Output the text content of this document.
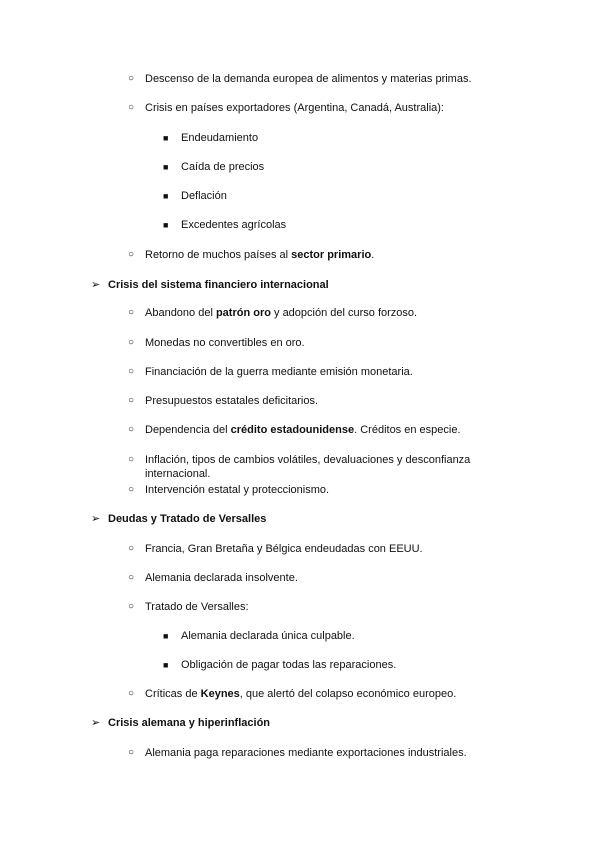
○ Descenso de la demanda europea de alimentos y materias primas.
○ Crisis en países exportadores (Argentina, Canadá, Australia):
■ Endeudamiento
■ Caída de precios
■ Deflación
■ Excedentes agrícolas
○ Retorno de muchos países al sector primario.
➢ Crisis del sistema financiero internacional
○ Abandono del patrón oro y adopción del curso forzoso.
○ Monedas no convertibles en oro.
○ Financiación de la guerra mediante emisión monetaria.
○ Presupuestos estatales deficitarios.
○ Dependencia del crédito estadounidense. Créditos en especie.
○ Inflación, tipos de cambios volátiles, devaluaciones y desconfianza internacional.
○ Intervención estatal y proteccionismo.
➢ Deudas y Tratado de Versalles
○ Francia, Gran Bretaña y Bélgica endeudadas con EEUU.
○ Alemania declarada insolvente.
○ Tratado de Versalles:
■ Alemania declarada única culpable.
■ Obligación de pagar todas las reparaciones.
○ Críticas de Keynes, que alertó del colapso económico europeo.
➢ Crisis alemana y hiperinflación
○ Alemania paga reparaciones mediante exportaciones industriales.
